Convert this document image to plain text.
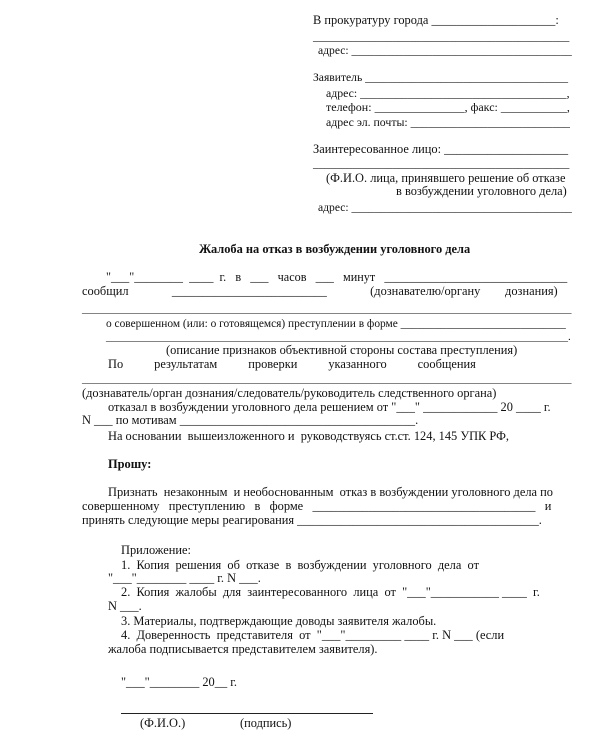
В прокуратуру города ____________________:
_____________________________________________
адрес: ______________________________________
Заявитель ___________________________________
адрес: ___________________________________,
телефон: _______________, факс: ___________,
адрес эл. почты: ___________________________
Заинтересованное лицо: ____________________
_____________________________________________
(Ф.И.О. лица, принявшего решение об отказе
в возбуждении уголовного дела)
адрес: ______________________________________
Жалоба на отказ в возбуждении уголовного дела
"___"________  ____  г.   в   ___   часов   ___   минут   ______________________________
сообщил              _________________________              (дознавателю/органу        дознания)
_________________________________________________________________________________________
о совершенном (или: о готовящемся) преступлении в форме _____________________________
____________________________________________________________________________________.
(описание признаков объективной стороны состава преступления)
По          результатам          проверки          указанного          сообщения
_________________________________________________________________________________________
(дознаватель/орган дознания/следователь/руководитель следственного органа)
отказал в возбуждении уголовного дела решением от "___" ____________ 20 ____ г.
N ___ по мотивам ______________________________________.
На основании  вышеизложенного и  руководствуясь ст.ст. 124, 145 УПК РФ,
Прошу:
Признать  незаконным  и необоснованным  отказ в возбуждении уголовного дела по
совершенному   преступлению   в   форме   ____________________________________   и
принять следующие меры реагирования _______________________________________.
Приложение:
1.  Копия  решения  об  отказе  в  возбуждении  уголовного  дела  от
"___"________ ____ г. N ___.
2.  Копия  жалобы  для  заинтересованного  лица  от  "___"___________ ____  г.
N ___.
3. Материалы, подтверждающие доводы заявителя жалобы.
4.  Доверенность  представителя  от  "___"_________ ____ г. N ___ (если
жалоба подписывается представителем заявителя).
"___"________ 20__ г.
(Ф.И.О.)	(подпись)
